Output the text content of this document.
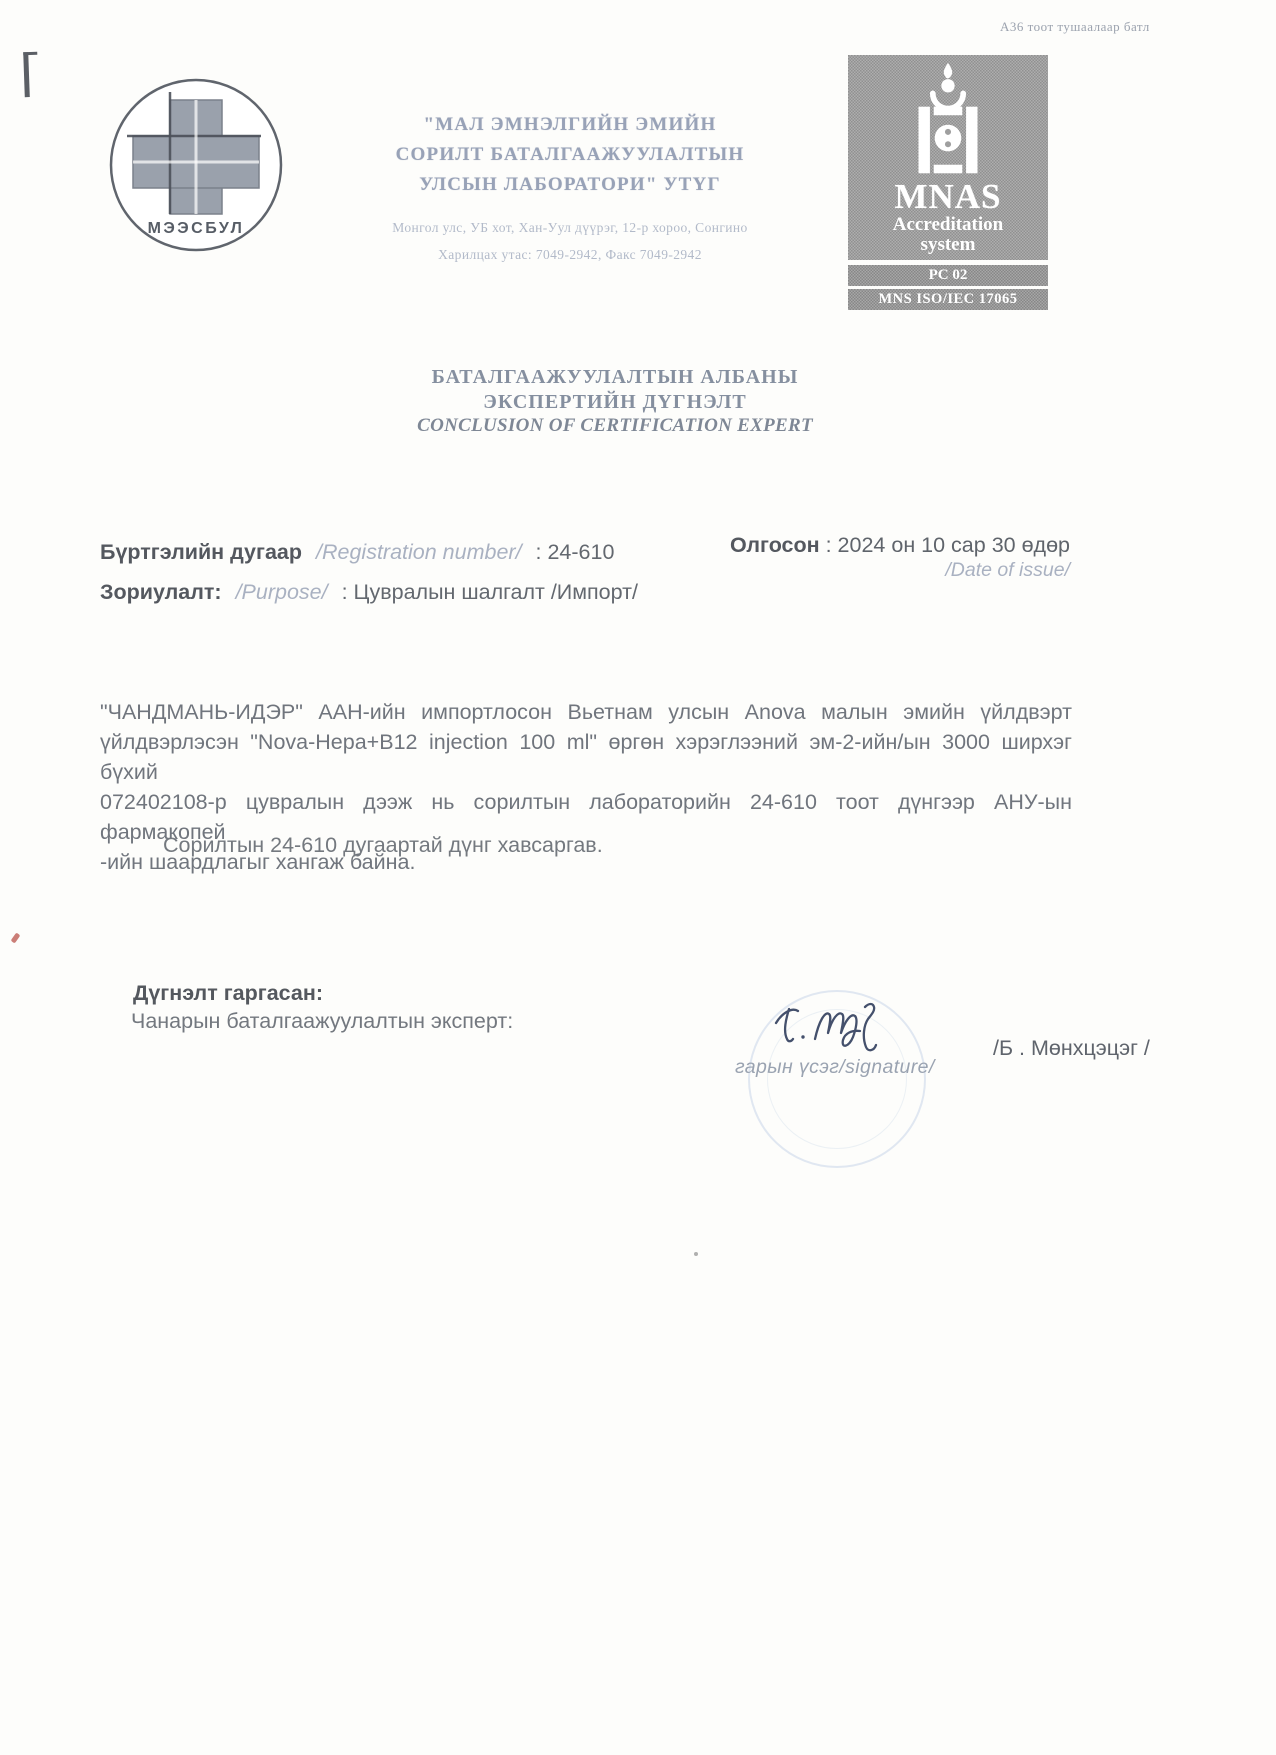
А36 тоот тушаалаар батл
МЭЭСБУЛ
"МАЛ ЭМНЭЛГИЙН ЭМИЙН
СОРИЛТ БАТАЛГААЖУУЛАЛТЫН
УЛСЫН ЛАБОРАТОРИ" УТҮГ
Монгол улс, УБ хот, Хан-Уул дүүрэг, 12-р хороо, Сонгино
Харилцах утас: 7049-2942, Факс 7049-2942
MNAS
Accreditation
system
PC 02
MNS ISO/IEC 17065
БАТАЛГААЖУУЛАЛТЫН АЛБАНЫ
ЭКСПЕРТИЙН ДҮГНЭЛТ
CONCLUSION OF CERTIFICATION EXPERT
Бүртгэлийн дугаар /Registration number/ : 24-610	Олгосон : 2024 он 10 сар 30 өдөр
/Date of issue/
Зориулалт: /Purpose/ : Цувралын шалгалт /Импорт/
"ЧАНДМАНЬ-ИДЭР" ААН-ийн импортлосон Вьетнам улсын Anova малын эмийн үйлдвэрт
үйлдвэрлэсэн "Nova-Hepa+B12 injection 100 ml" өргөн хэрэглээний эм-2-ийн/ын 3000 ширхэг бүхий
072402108-р цувралын дээж нь сорилтын лабораторийн 24-610 тоот дүнгээр АНУ-ын фармакопей
-ийн шаардлагыг хангаж байна.
Сорилтын 24-610 дугаартай дүнг хавсаргав.
Дүгнэлт гаргасан:
Чанарын баталгаажуулалтын эксперт:
/Б . Мөнхцэцэг /
гарын үсэг/signature/
